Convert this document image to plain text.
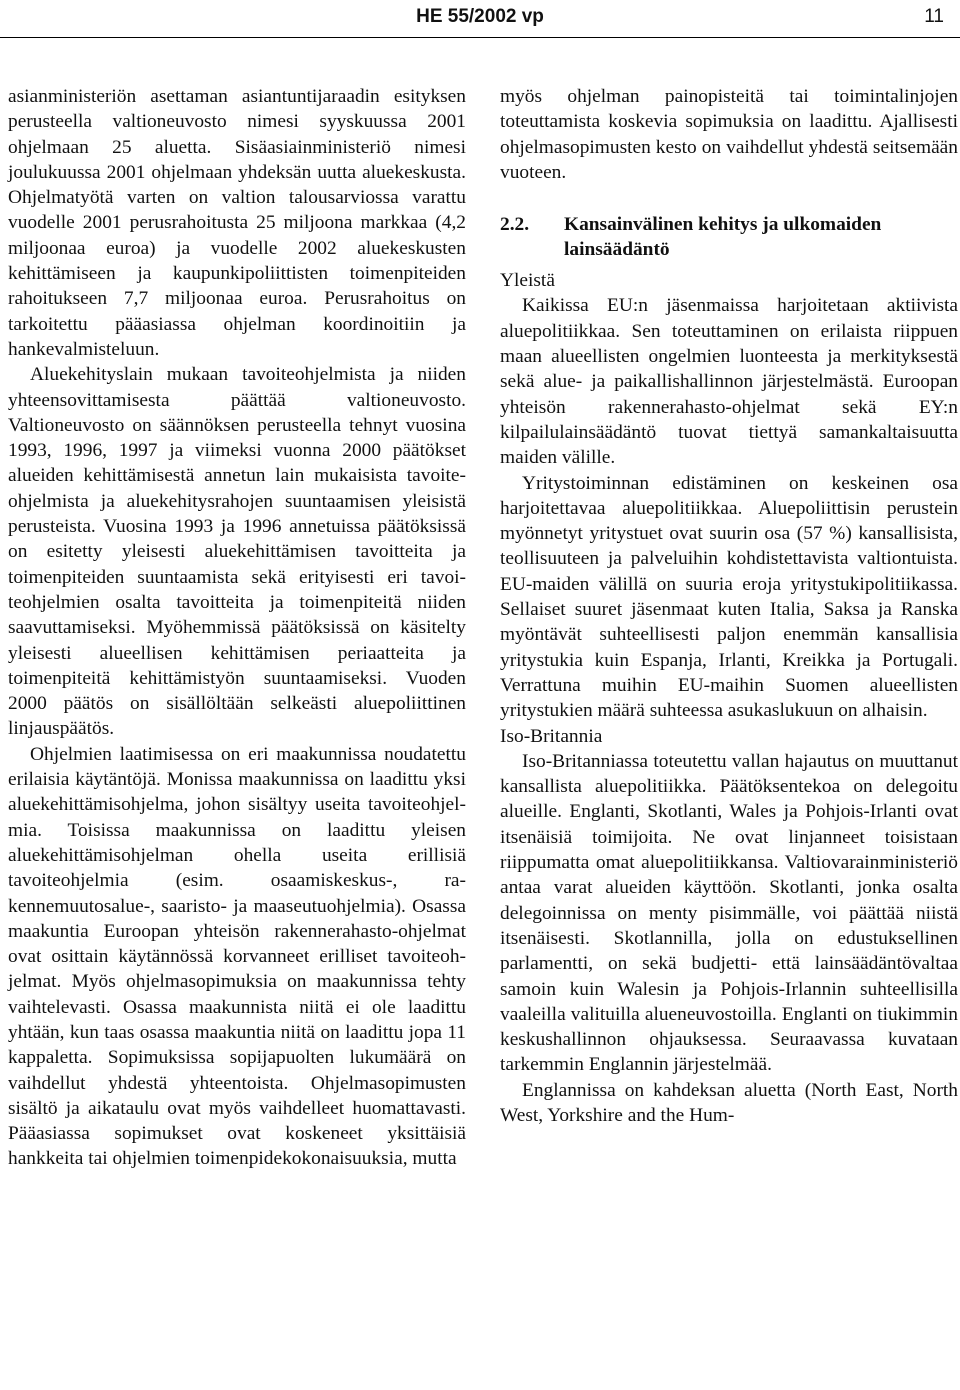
HE 55/2002 vp	11

asianministeriön asettaman asiantuntijaraadin esityksen perusteella valtioneuvosto nimesi syyskuussa 2001 ohjelmaan 25 aluetta. Sisäasiainministeriö nimesi joulukuussa 2001 ohjelmaan yhdeksän uutta aluekeskusta. Ohjelmatyötä varten on valtion talousarviossa varattu vuodelle 2001 perusrahoitusta 25 miljoona markkaa (4,2 miljoonaa euroa) ja vuodelle 2002 aluekeskusten kehittämiseen ja kaupunkipoliittisten toimenpiteiden rahoitukseen 7,7 miljoonaa euroa. Perusrahoitus on tarkoitettu pääasiassa ohjelman koordinoitiin ja hankevalmisteluun.

Aluekehityslain mukaan tavoiteohjelmista ja niiden yhteensovittamisesta päättää valtioneuvosto. Valtioneuvosto on säännöksen perusteella tehnyt vuosina 1993, 1996, 1997 ja viimeksi vuonna 2000 päätökset alueiden kehittämisestä annetun lain mukaisista tavoiteohjelmista ja aluekehitysrahojen suuntaamisen yleisistä perusteista. Vuosina 1993 ja 1996 annetuissa päätöksissä on esitetty yleisesti aluekehittämisen tavoitteita ja toimenpiteiden suuntaamista sekä erityisesti eri tavoiteohjelmien osalta tavoitteita ja toimenpiteitä niiden saavuttamiseksi. Myöhemmissä päätöksissä on käsitelty yleisesti alueellisen kehittämisen periaatteita ja toimenpiteitä kehittämistyön suuntaamiseksi. Vuoden 2000 päätös on sisällöltään selkeästi aluepoliittinen linjauspäätös.

Ohjelmien laatimisessa on eri maakunnissa noudatettu erilaisia käytäntöjä. Monissa maakunnissa on laadittu yksi aluekehittämisohjelma, johon sisältyy useita tavoiteohjelmia. Toisissa maakunnissa on laadittu yleisen aluekehittämisohjelman ohella useita erillisiä tavoiteohjelmia (esim. osaamiskeskus-, rakennemuutosalue-, saaristo- ja maaseutuohjelmia). Osassa maakuntia Euroopan yhteisön rakennerahasto-ohjelmat ovat osittain käytännössä korvanneet erilliset tavoiteohjelmat. Myös ohjelmasopimuksia on maakunnissa tehty vaihtelevasti. Osassa maakunnista niitä ei ole laadittu yhtään, kun taas osassa maakuntia niitä on laadittu jopa 11 kappaletta. Sopimuksissa sopijapuolten lukumäärä on vaihdellut yhdestä yhteentoista. Ohjelmasopimusten sisältö ja aikataulu ovat myös vaihdelleet huomattavasti. Pääasiassa sopimukset ovat koskeneet yksittäisiä hankkeita tai ohjelmien toimenpidekokonaisuuksia, mutta

myös ohjelman painopisteitä tai toimintalinjojen toteuttamista koskevia sopimuksia on laadittu. Ajallisesti ohjelmasopimusten kesto on vaihdellut yhdestä seitsemään vuoteen.

2.2. Kansainvälinen kehitys ja ulkomaiden lainsäädäntö

Yleistä

Kaikissa EU:n jäsenmaissa harjoitetaan aktiivista aluepolitiikkaa. Sen toteuttaminen on erilaista riippuen maan alueellisten ongelmien luonteesta ja merkityksestä sekä alue- ja paikallishallinnon järjestelmästä. Euroopan yhteisön rakennerahasto-ohjelmat sekä EY:n kilpailulainsäädäntö tuovat tiettyä samankaltaisuutta maiden välille.

Yritystoiminnan edistäminen on keskeinen osa harjoitettavaa aluepolitiikkaa. Aluepoliittisin perustein myönnetyt yritystuet ovat suurin osa (57 %) kansallisista, teollisuuteen ja palveluihin kohdistettavista valtiontuista. EU-maiden välillä on suuria eroja yritystukipolitiikassa. Sellaiset suuret jäsenmaat kuten Italia, Saksa ja Ranska myöntävät suhteellisesti paljon enemmän kansallisia yritystukia kuin Espanja, Irlanti, Kreikka ja Portugali. Verrattuna muihin EU-maihin Suomen alueellisten yritystukien määrä suhteessa asukaslukuun on alhaisin.

Iso-Britannia

Iso-Britanniassa toteutettu vallan hajautus on muuttanut kansallista aluepolitiikka. Päätöksentekoa on delegoitu alueille. Englanti, Skotlanti, Wales ja Pohjois-Irlanti ovat itsenäisiä toimijoita. Ne ovat linjanneet toisistaan riippumatta omat aluepolitiikkansa. Valtiovarainministeriö antaa varat alueiden käyttöön. Skotlanti, jonka osalta delegoinnissa on menty pisimmälle, voi päättää niistä itsenäisesti. Skotlannilla, jolla on edustuksellinen parlamentti, on sekä budjetti- että lainsäädäntövaltaa samoin kuin Walesin ja Pohjois-Irlannin suhteellisilla vaaleilla valituilla alueneuvostoilla. Englanti on tiukimmin keskushallinnon ohjauksessa. Seuraavassa kuvataan tarkemmin Englannin järjestelmää.

Englannissa on kahdeksan aluetta (North East, North West, Yorkshire and the Hum-
